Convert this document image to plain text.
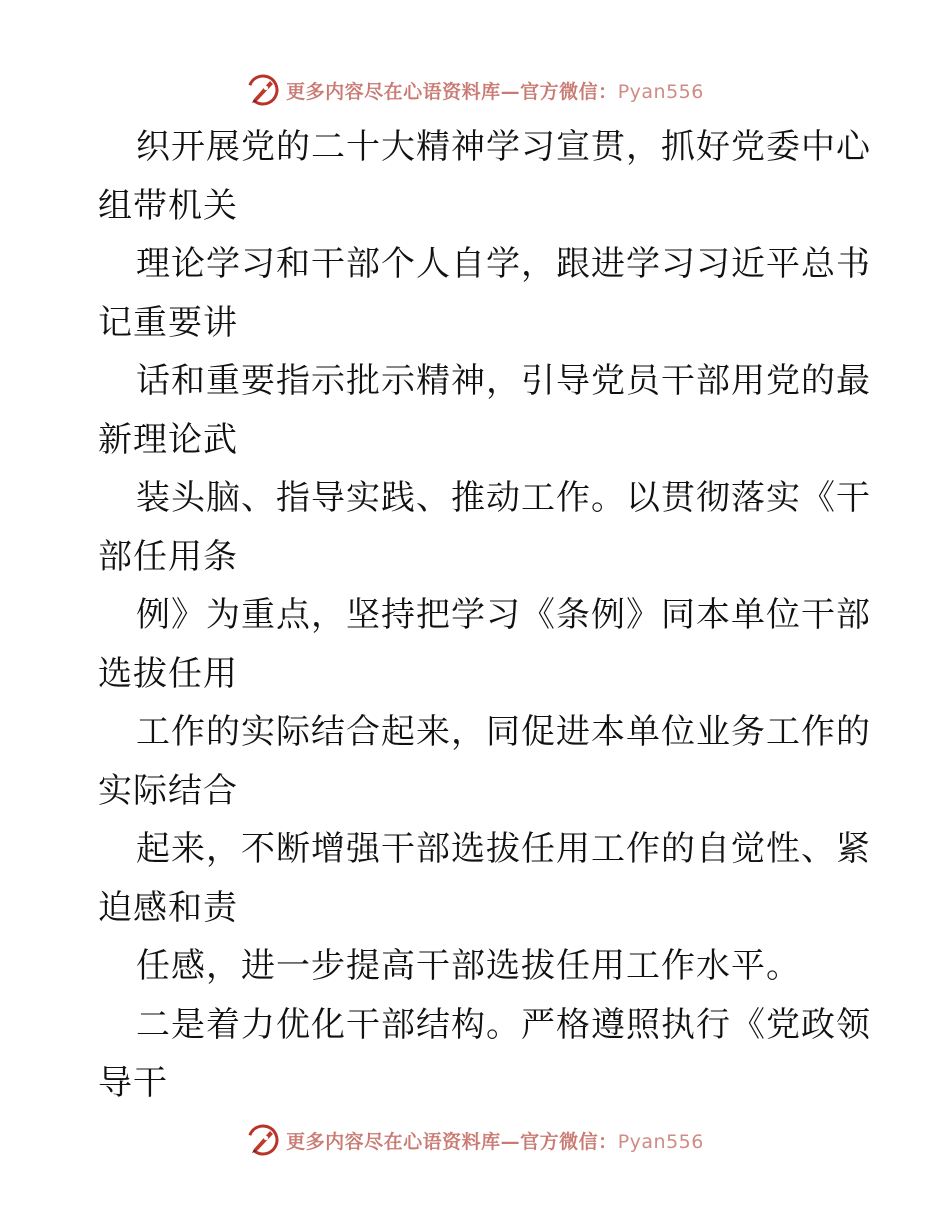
更多内容尽在心语资料库—官方微信：Pyan556
织开展党的二十大精神学习宣贯，抓好党委中心
组带机关
理论学习和干部个人自学，跟进学习习近平总书
记重要讲
话和重要指示批示精神，引导党员干部用党的最
新理论武
装头脑、指导实践、推动工作。以贯彻落实《干
部任用条
例》为重点，坚持把学习《条例》同本单位干部
选拔任用
工作的实际结合起来，同促进本单位业务工作的
实际结合
起来，不断增强干部选拔任用工作的自觉性、紧
迫感和责
任感，进一步提高干部选拔任用工作水平。
二是着力优化干部结构。严格遵照执行《党政领
导干
更多内容尽在心语资料库—官方微信：Pyan556
